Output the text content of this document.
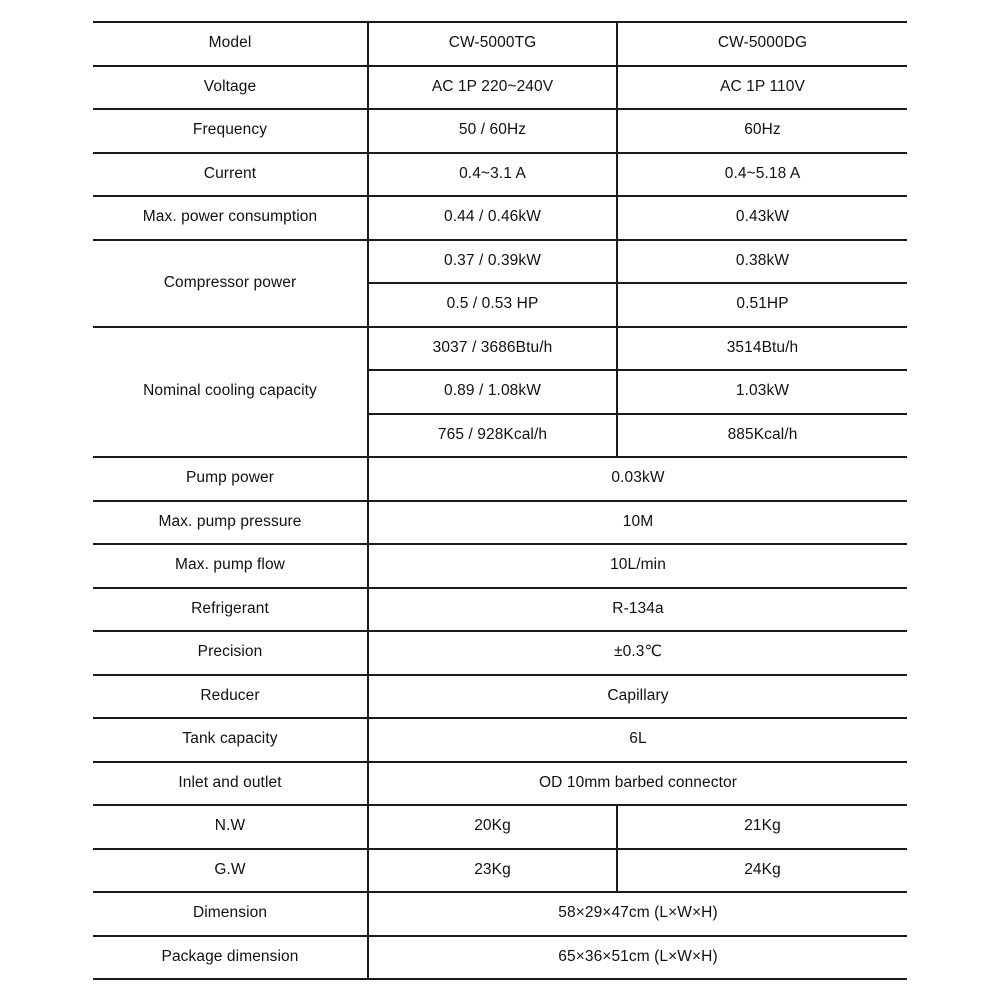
Model	CW-5000TG	CW-5000DG
Voltage	AC 1P 220~240V	AC 1P 110V
Frequency	50 / 60Hz	60Hz
Current	0.4~3.1 A	0.4~5.18 A
Max. power consumption	0.44 / 0.46kW	0.43kW
Compressor power	0.37 / 0.39kW	0.38kW
	0.5 / 0.53 HP	0.51HP
Nominal cooling capacity	3037 / 3686Btu/h	3514Btu/h
	0.89 / 1.08kW	1.03kW
	765 / 928Kcal/h	885Kcal/h
Pump power	0.03kW	
Max. pump pressure	10M	
Max. pump flow	10L/min	
Refrigerant	R-134a	
Precision	±0.3℃	
Reducer	Capillary	
Tank capacity	6L	
Inlet and outlet	OD 10mm barbed connector	
N.W	20Kg	21Kg
G.W	23Kg	24Kg
Dimension	58×29×47cm (L×W×H)	
Package dimension	65×36×51cm (L×W×H)	
